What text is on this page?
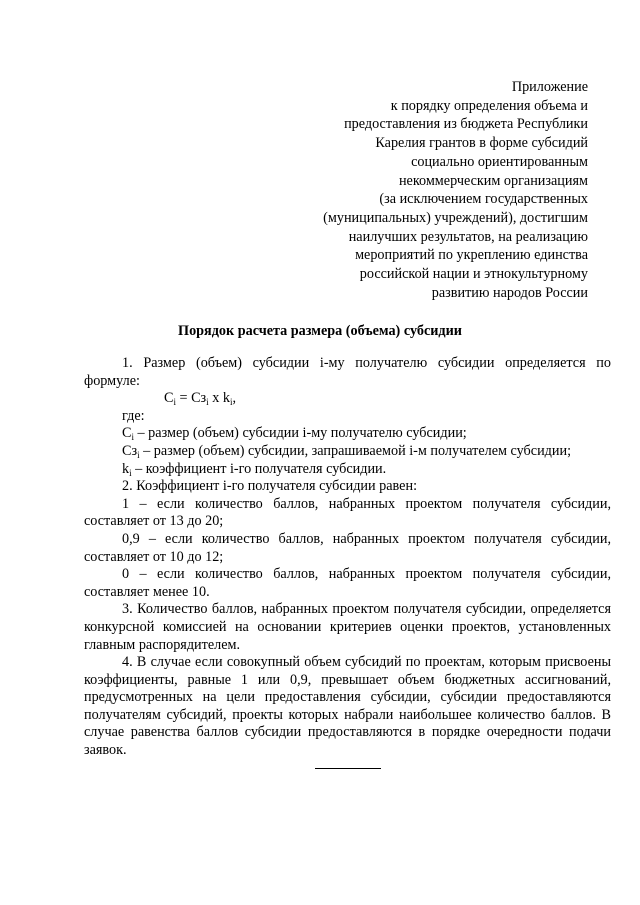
Приложение
к порядку определения объема и
предоставления из бюджета Республики
Карелия грантов в форме субсидий
социально ориентированным
некоммерческим организациям
(за исключением государственных
(муниципальных) учреждений), достигшим
наилучших результатов, на реализацию
мероприятий по укреплению единства
российской нации и этнокультурному
развитию народов России
Порядок расчета размера (объема) субсидии

1. Размер (объем) субсидии i-му получателю субсидии определяется по формуле:

$C_i = Cз_i$ x $k_i$,

где:

$C_i$ – размер (объем) субсидии i-му получателю субсидии;

$Cз_i$ – размер (объем) субсидии, запрашиваемой i-м получателем субсидии;

$k_i$ – коэффициент i-го получателя субсидии.

2. Коэффициент i-го получателя субсидии равен:

1 – если количество баллов, набранных проектом получателя субсидии, составляет от 13 до 20;

0,9 – если количество баллов, набранных проектом получателя субсидии, составляет от 10 до 12;

0 – если количество баллов, набранных проектом получателя субсидии, составляет менее 10.

3. Количество баллов, набранных проектом получателя субсидии, определяется конкурсной комиссией на основании критериев оценки проектов, установленных главным распорядителем.

4. В случае если совокупный объем субсидий по проектам, которым присвоены коэффициенты, равные 1 или 0,9, превышает объем бюджетных ассигнований, предусмотренных на цели предоставления субсидии, субсидии предоставляются получателям субсидий, проекты которых набрали наибольшее количество баллов. В случае равенства баллов субсидии предоставляются в порядке очередности подачи заявок.
